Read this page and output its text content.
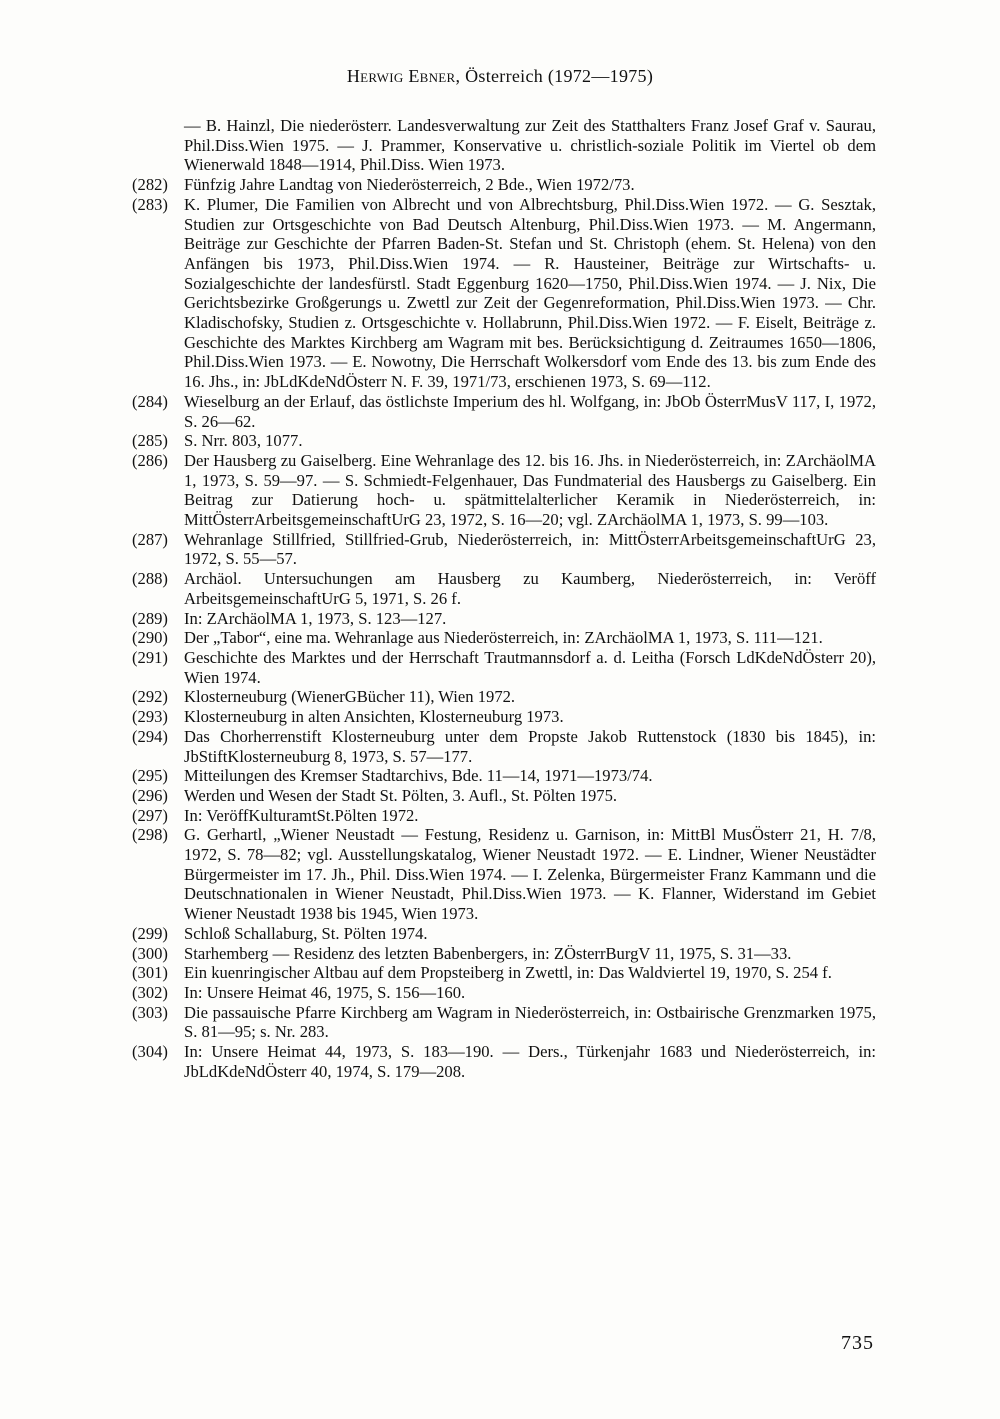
Herwig Ebner, Österreich (1972—1975)
— B. Hainzl, Die niederösterr. Landesverwaltung zur Zeit des Statthalters Franz Josef Graf v. Saurau, Phil.Diss.Wien 1975. — J. Prammer, Konservative u. christlich-soziale Politik im Viertel ob dem Wienerwald 1848—1914, Phil.Diss. Wien 1973.
(282) Fünfzig Jahre Landtag von Niederösterreich, 2 Bde., Wien 1972/73.
(283) K. Plumer, Die Familien von Albrecht und von Albrechtsburg, Phil.Diss.Wien 1972. — G. Sesztak, Studien zur Ortsgeschichte von Bad Deutsch Altenburg, Phil.Diss.Wien 1973. — M. Angermann, Beiträge zur Geschichte der Pfarren Baden-St. Stefan und St. Christoph (ehem. St. Helena) von den Anfängen bis 1973, Phil.Diss.Wien 1974. — R. Hausteiner, Beiträge zur Wirtschafts- u. Sozialgeschichte der landesfürstl. Stadt Eggenburg 1620—1750, Phil.Diss.Wien 1974. — J. Nix, Die Gerichtsbezirke Großgerungs u. Zwettl zur Zeit der Gegenreformation, Phil.Diss.Wien 1973. — Chr. Kladischofsky, Studien z. Ortsgeschichte v. Hollabrunn, Phil.Diss.Wien 1972. — F. Eiselt, Beiträge z. Geschichte des Marktes Kirchberg am Wagram mit bes. Berücksichtigung d. Zeitraumes 1650—1806, Phil.Diss.Wien 1973. — E. Nowotny, Die Herrschaft Wolkersdorf vom Ende des 13. bis zum Ende des 16. Jhs., in: JbLdKdeNdÖsterr N. F. 39, 1971/73, erschienen 1973, S. 69—112.
(284) Wieselburg an der Erlauf, das östlichste Imperium des hl. Wolfgang, in: JbOb ÖsterrMusV 117, I, 1972, S. 26—62.
(285) S. Nrr. 803, 1077.
(286) Der Hausberg zu Gaiselberg. Eine Wehranlage des 12. bis 16. Jhs. in Niederösterreich, in: ZArchäolMA 1, 1973, S. 59—97. — S. Schmiedt-Felgenhauer, Das Fundmaterial des Hausbergs zu Gaiselberg. Ein Beitrag zur Datierung hoch- u. spätmittelalterlicher Keramik in Niederösterreich, in: MittÖsterrArbeitsgemeinschaftUrG 23, 1972, S. 16—20; vgl. ZArchäolMA 1, 1973, S. 99—103.
(287) Wehranlage Stillfried, Stillfried-Grub, Niederösterreich, in: MittÖsterrArbeitsgemeinschaftUrG 23, 1972, S. 55—57.
(288) Archäol. Untersuchungen am Hausberg zu Kaumberg, Niederösterreich, in: Veröff ArbeitsgemeinschaftUrG 5, 1971, S. 26 f.
(289) In: ZArchäolMA 1, 1973, S. 123—127.
(290) Der „Tabor“, eine ma. Wehranlage aus Niederösterreich, in: ZArchäolMA 1, 1973, S. 111—121.
(291) Geschichte des Marktes und der Herrschaft Trautmannsdorf a. d. Leitha (Forsch LdKdeNdÖsterr 20), Wien 1974.
(292) Klosterneuburg (WienerGBücher 11), Wien 1972.
(293) Klosterneuburg in alten Ansichten, Klosterneuburg 1973.
(294) Das Chorherrenstift Klosterneuburg unter dem Propste Jakob Ruttenstock (1830 bis 1845), in: JbStiftKlosterneuburg 8, 1973, S. 57—177.
(295) Mitteilungen des Kremser Stadtarchivs, Bde. 11—14, 1971—1973/74.
(296) Werden und Wesen der Stadt St. Pölten, 3. Aufl., St. Pölten 1975.
(297) In: VeröffKulturamtSt.Pölten 1972.
(298) G. Gerhartl, „Wiener Neustadt — Festung, Residenz u. Garnison, in: MittBl MusÖsterr 21, H. 7/8, 1972, S. 78—82; vgl. Ausstellungskatalog, Wiener Neustadt 1972. — E. Lindner, Wiener Neustädter Bürgermeister im 17. Jh., Phil. Diss.Wien 1974. — I. Zelenka, Bürgermeister Franz Kammann und die Deutschnationalen in Wiener Neustadt, Phil.Diss.Wien 1973. — K. Flanner, Widerstand im Gebiet Wiener Neustadt 1938 bis 1945, Wien 1973.
(299) Schloß Schallaburg, St. Pölten 1974.
(300) Starhemberg — Residenz des letzten Babenbergers, in: ZÖsterrBurgV 11, 1975, S. 31—33.
(301) Ein kuenringischer Altbau auf dem Propsteiberg in Zwettl, in: Das Waldviertel 19, 1970, S. 254 f.
(302) In: Unsere Heimat 46, 1975, S. 156—160.
(303) Die passauische Pfarre Kirchberg am Wagram in Niederösterreich, in: Ostbairische Grenzmarken 1975, S. 81—95; s. Nr. 283.
(304) In: Unsere Heimat 44, 1973, S. 183—190. — Ders., Türkenjahr 1683 und Niederösterreich, in: JbLdKdeNdÖsterr 40, 1974, S. 179—208.
735
